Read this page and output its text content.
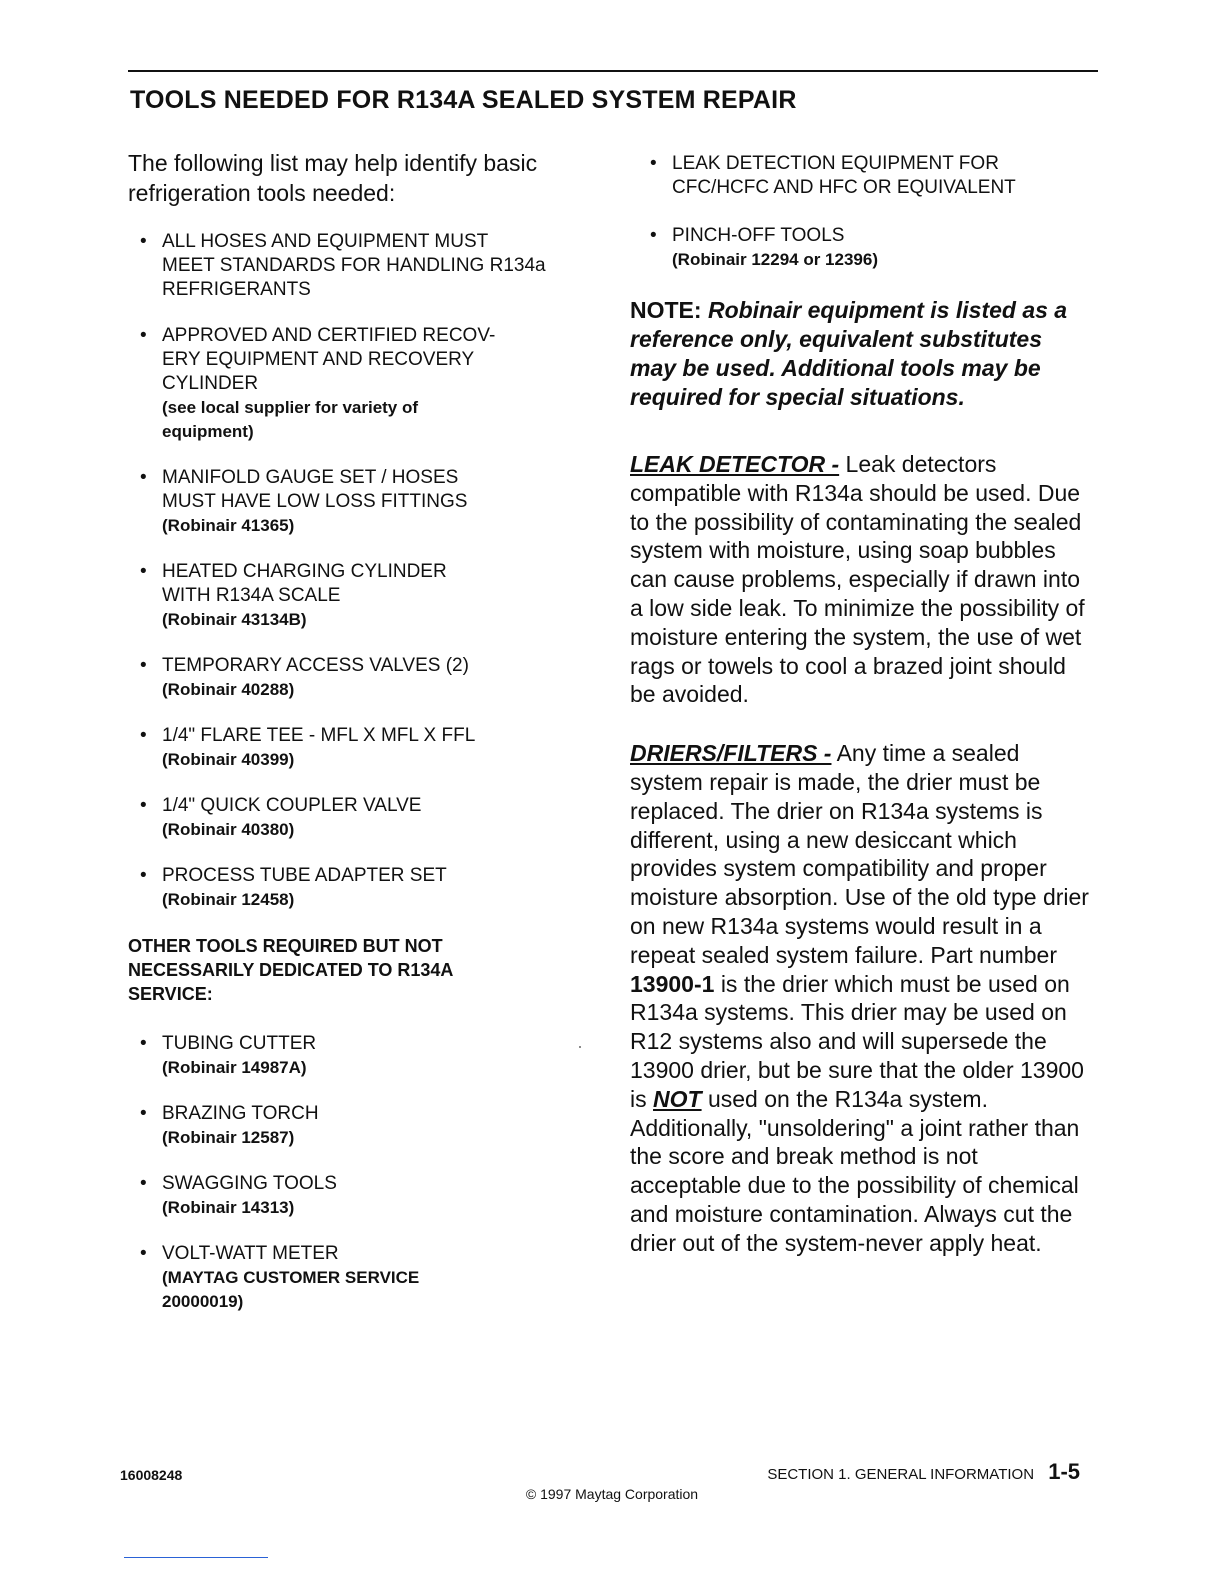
TOOLS NEEDED FOR R134A SEALED SYSTEM REPAIR

The following list may help identify basic refrigeration tools needed:

• ALL HOSES AND EQUIPMENT MUST
MEET STANDARDS FOR HANDLING R134a
REFRIGERANTS
• APPROVED AND CERTIFIED RECOV-
ERY EQUIPMENT AND RECOVERY
CYLINDER
(see local supplier for variety of
equipment)
• MANIFOLD GAUGE SET / HOSES
MUST HAVE LOW LOSS FITTINGS
(Robinair 41365)
• HEATED CHARGING CYLINDER
WITH R134A SCALE
(Robinair 43134B)
• TEMPORARY ACCESS VALVES (2)
(Robinair 40288)
• 1/4" FLARE TEE - MFL X MFL X FFL
(Robinair 40399)
• 1/4" QUICK COUPLER VALVE
(Robinair 40380)
• PROCESS TUBE ADAPTER SET
(Robinair 12458)
OTHER TOOLS REQUIRED BUT NOT
NECESSARILY DEDICATED TO R134A
SERVICE:
• TUBING CUTTER
(Robinair 14987A)
• BRAZING TORCH
(Robinair 12587)
• SWAGGING TOOLS
(Robinair 14313)
• VOLT-WATT METER
(MAYTAG CUSTOMER SERVICE
20000019)
• LEAK DETECTION EQUIPMENT FOR
CFC/HCFC AND HFC OR EQUIVALENT
• PINCH-OFF TOOLS
(Robinair 12294 or 12396)

NOTE: Robinair equipment is listed as a reference only, equivalent substitutes may be used. Additional tools may be required for special situations.

LEAK DETECTOR - Leak detectors compatible with R134a should be used. Due to the possibility of contaminating the sealed system with moisture, using soap bubbles can cause problems, especially if drawn into a low side leak. To minimize the possibility of moisture entering the system, the use of wet rags or towels to cool a brazed joint should be avoided.

DRIERS/FILTERS - Any time a sealed system repair is made, the drier must be replaced. The drier on R134a systems is different, using a new desiccant which provides system compatibility and proper moisture absorption. Use of the old type drier on new R134a systems would result in a repeat sealed system failure. Part number 13900-1 is the drier which must be used on R134a systems. This drier may be used on R12 systems also and will supersede the 13900 drier, but be sure that the older 13900 is NOT used on the R134a system. Additionally, "unsoldering" a joint rather than the score and break method is not acceptable due to the possibility of chemical and moisture contamination. Always cut the drier out of the system-never apply heat.

16008248	SECTION 1. GENERAL INFORMATION 1-5
© 1997 Maytag Corporation
